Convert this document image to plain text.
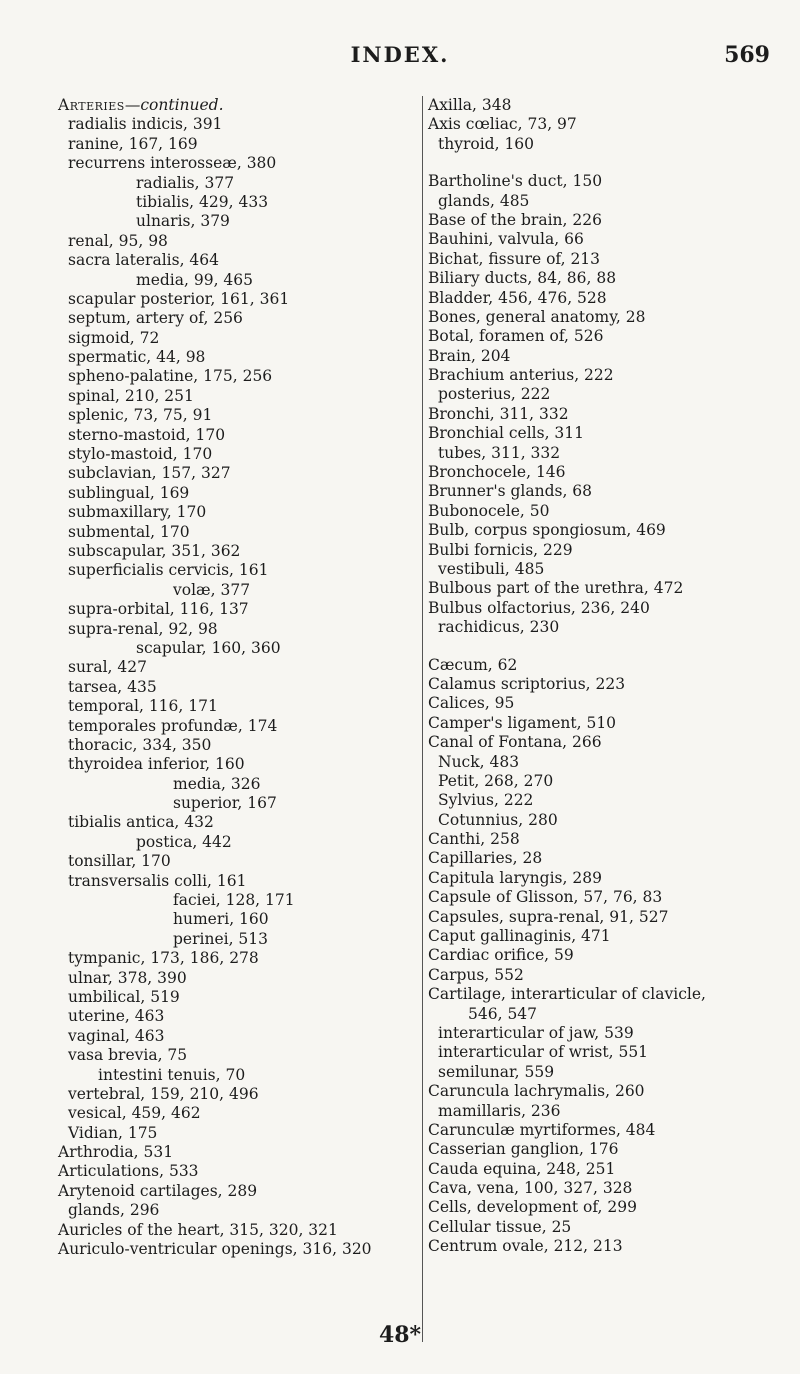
INDEX.	569
Arteries—continued.
radialis indicis, 391
ranine, 167, 169
recurrens interosseæ, 380
radialis, 377
tibialis, 429, 433
ulnaris, 379
renal, 95, 98
sacra lateralis, 464
media, 99, 465
scapular posterior, 161, 361
septum, artery of, 256
sigmoid, 72
spermatic, 44, 98
spheno-palatine, 175, 256
spinal, 210, 251
splenic, 73, 75, 91
sterno-mastoid, 170
stylo-mastoid, 170
subclavian, 157, 327
sublingual, 169
submaxillary, 170
submental, 170
subscapular, 351, 362
superficialis cervicis, 161
volæ, 377
supra-orbital, 116, 137
supra-renal, 92, 98
scapular, 160, 360
sural, 427
tarsea, 435
temporal, 116, 171
temporales profundæ, 174
thoracic, 334, 350
thyroidea inferior, 160
media, 326
superior, 167
tibialis antica, 432
postica, 442
tonsillar, 170
transversalis colli, 161
faciei, 128, 171
humeri, 160
perinei, 513
tympanic, 173, 186, 278
ulnar, 378, 390
umbilical, 519
uterine, 463
vaginal, 463
vasa brevia, 75
intestini tenuis, 70
vertebral, 159, 210, 496
vesical, 459, 462
Vidian, 175
Arthrodia, 531
Articulations, 533
Arytenoid cartilages, 289
glands, 296
Auricles of the heart, 315, 320, 321
Auriculo-ventricular openings, 316, 320
Axilla, 348
Axis cœliac, 73, 97
thyroid, 160
Bartholine's duct, 150
glands, 485
Base of the brain, 226
Bauhini, valvula, 66
Bichat, fissure of, 213
Biliary ducts, 84, 86, 88
Bladder, 456, 476, 528
Bones, general anatomy, 28
Botal, foramen of, 526
Brain, 204
Brachium anterius, 222
posterius, 222
Bronchi, 311, 332
Bronchial cells, 311
tubes, 311, 332
Bronchocele, 146
Brunner's glands, 68
Bubonocele, 50
Bulb, corpus spongiosum, 469
Bulbi fornicis, 229
vestibuli, 485
Bulbous part of the urethra, 472
Bulbus olfactorius, 236, 240
rachidicus, 230
Cæcum, 62
Calamus scriptorius, 223
Calices, 95
Camper's ligament, 510
Canal of Fontana, 266
Nuck, 483
Petit, 268, 270
Sylvius, 222
Cotunnius, 280
Canthi, 258
Capillaries, 28
Capitula laryngis, 289
Capsule of Glisson, 57, 76, 83
Capsules, supra-renal, 91, 527
Caput gallinaginis, 471
Cardiac orifice, 59
Carpus, 552
Cartilage, interarticular of clavicle,
546, 547
interarticular of jaw, 539
interarticular of wrist, 551
semilunar, 559
Caruncula lachrymalis, 260
mamillaris, 236
Carunculæ myrtiformes, 484
Casserian ganglion, 176
Cauda equina, 248, 251
Cava, vena, 100, 327, 328
Cells, development of, 299
Cellular tissue, 25
Centrum ovale, 212, 213
48*
